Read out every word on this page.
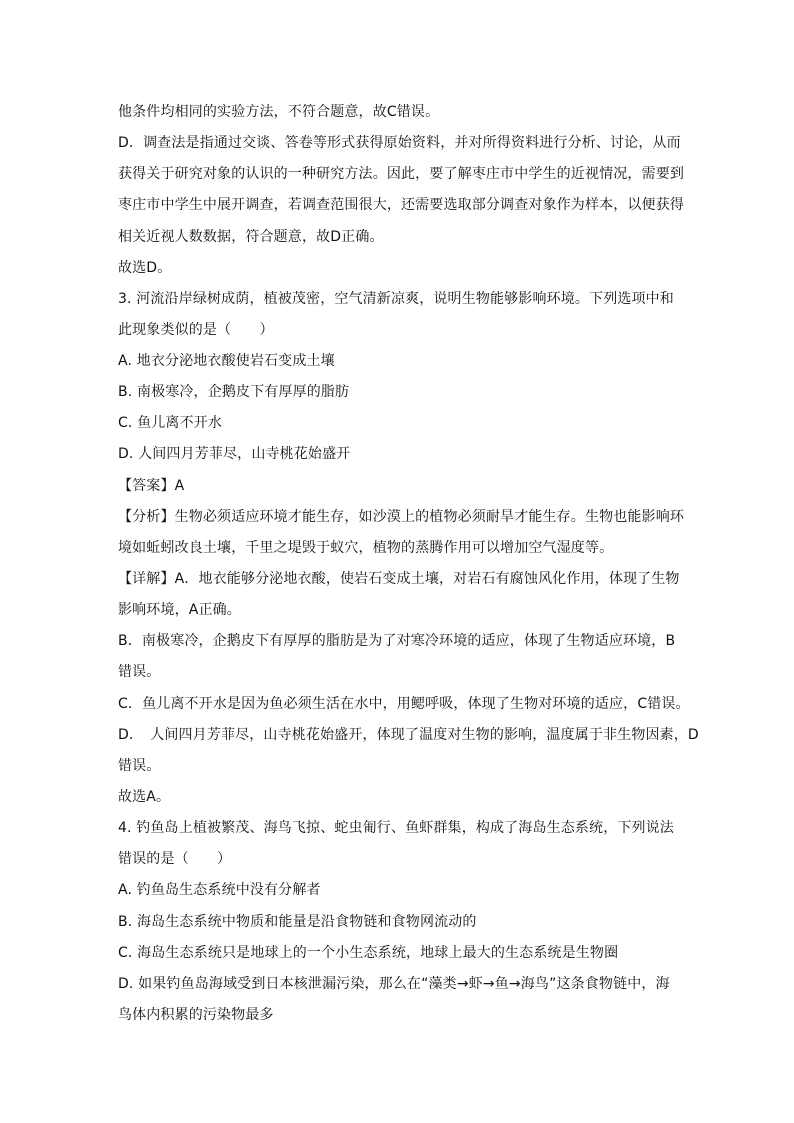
他条件均相同的实验方法，不符合题意，故C错误。
D．调查法是指通过交谈、答卷等形式获得原始资料，并对所得资料进行分析、讨论，从而
获得关于研究对象的认识的一种研究方法。因此，要了解枣庄市中学生的近视情况，需要到
枣庄市中学生中展开调查，若调查范围很大，还需要选取部分调查对象作为样本，以便获得
相关近视人数数据，符合题意，故D正确。
故选D。
3. 河流沿岸绿树成荫，植被茂密，空气清新凉爽，说明生物能够影响环境。下列选项中和
此现象类似的是（　　）
A. 地衣分泌地衣酸使岩石变成土壤
B. 南极寒冷，企鹅皮下有厚厚的脂肪
C. 鱼儿离不开水
D. 人间四月芳菲尽，山寺桃花始盛开
【答案】A
【分析】生物必须适应环境才能生存，如沙漠上的植物必须耐旱才能生存。生物也能影响环
境如蚯蚓改良土壤，千里之堤毁于蚁穴，植物的蒸腾作用可以增加空气湿度等。
【详解】A．地衣能够分泌地衣酸，使岩石变成土壤，对岩石有腐蚀风化作用，体现了生物
影响环境，A正确。
B．南极寒冷，企鹅皮下有厚厚的脂肪是为了对寒冷环境的适应，体现了生物适应环境，B
错误。
C．鱼儿离不开水是因为鱼必须生活在水中，用鳃呼吸，体现了生物对环境的适应，C错误。
D．　人间四月芳菲尽，山寺桃花始盛开，体现了温度对生物的影响，温度属于非生物因素，D
错误。
故选A。
4. 钓鱼岛上植被繁茂、海鸟飞掠、蛇虫匍行、鱼虾群集，构成了海岛生态系统，下列说法
错误的是（　　）
A. 钓鱼岛生态系统中没有分解者
B. 海岛生态系统中物质和能量是沿食物链和食物网流动的
C. 海岛生态系统只是地球上的一个小生态系统，地球上最大的生态系统是生物圈
D. 如果钓鱼岛海域受到日本核泄漏污染，那么在“藻类→虾→鱼→海鸟”这条食物链中，海
鸟体内积累的污染物最多
